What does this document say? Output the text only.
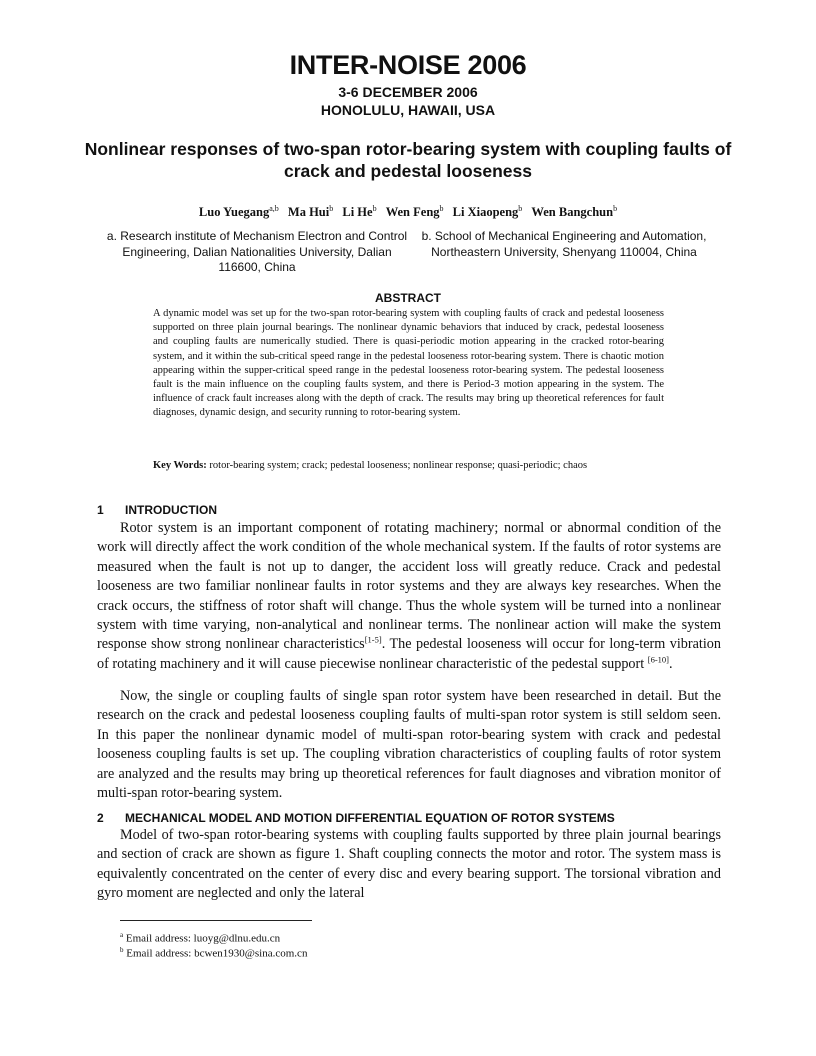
INTER-NOISE 2006
3-6 DECEMBER 2006
HONOLULU, HAWAII, USA
Nonlinear responses of two-span rotor-bearing system with coupling faults of crack and pedestal looseness
Luo Yuegang$^{a,b}$ Ma Hui$^b$ Li He$^b$ Wen Feng$^b$ Li Xiaopeng$^b$ Wen Bangchun$^b$
a. Research institute of Mechanism Electron and Control Engineering, Dalian Nationalities University, Dalian 116600, China
b. School of Mechanical Engineering and Automation, Northeastern University, Shenyang 110004, China
ABSTRACT
A dynamic model was set up for the two-span rotor-bearing system with coupling faults of crack and pedestal looseness supported on three plain journal bearings. The nonlinear dynamic behaviors that induced by crack, pedestal looseness and coupling faults are numerically studied. There is quasi-periodic motion appearing in the cracked rotor-bearing system, and it within the sub-critical speed range in the pedestal looseness rotor-bearing system. There is chaotic motion appearing within the supper-critical speed range in the pedestal looseness rotor-bearing system. The pedestal looseness fault is the main influence on the coupling faults system, and there is Period-3 motion appearing in the system. The influence of crack fault increases along with the depth of crack. The results may bring up theoretical references for fault diagnoses, dynamic design, and security running to rotor-bearing system.
Key Words: rotor-bearing system; crack; pedestal looseness; nonlinear response; quasi-periodic; chaos
1 INTRODUCTION
Rotor system is an important component of rotating machinery; normal or abnormal condition of the work will directly affect the work condition of the whole mechanical system. If the faults of rotor systems are measured when the fault is not up to danger, the accident loss will greatly reduce. Crack and pedestal looseness are two familiar nonlinear faults in rotor systems and they are always key researches. When the crack occurs, the stiffness of rotor shaft will change. Thus the whole system will be turned into a nonlinear system with time varying, non-analytical and nonlinear terms. The nonlinear action will make the system response show strong nonlinear characteristics[1-5]. The pedestal looseness will occur for long-term vibration of rotating machinery and it will cause piecewise nonlinear characteristic of the pedestal support [6-10].
Now, the single or coupling faults of single span rotor system have been researched in detail. But the research on the crack and pedestal looseness coupling faults of multi-span rotor system is still seldom seen. In this paper the nonlinear dynamic model of multi-span rotor-bearing system with crack and pedestal looseness coupling faults is set up. The coupling vibration characteristics of coupling faults of rotor system are analyzed and the results may bring up theoretical references for fault diagnoses and vibration monitor of multi-span rotor-bearing system.
2 MECHANICAL MODEL AND MOTION DIFFERENTIAL EQUATION OF ROTOR SYSTEMS
Model of two-span rotor-bearing systems with coupling faults supported by three plain journal bearings and section of crack are shown as figure 1. Shaft coupling connects the motor and rotor. The system mass is equivalently concentrated on the center of every disc and every bearing support. The torsional vibration and gyro moment are neglected and only the lateral
$^a$ Email address: luoyg@dlnu.edu.cn
$^b$ Email address: bcwen1930@sina.com.cn
